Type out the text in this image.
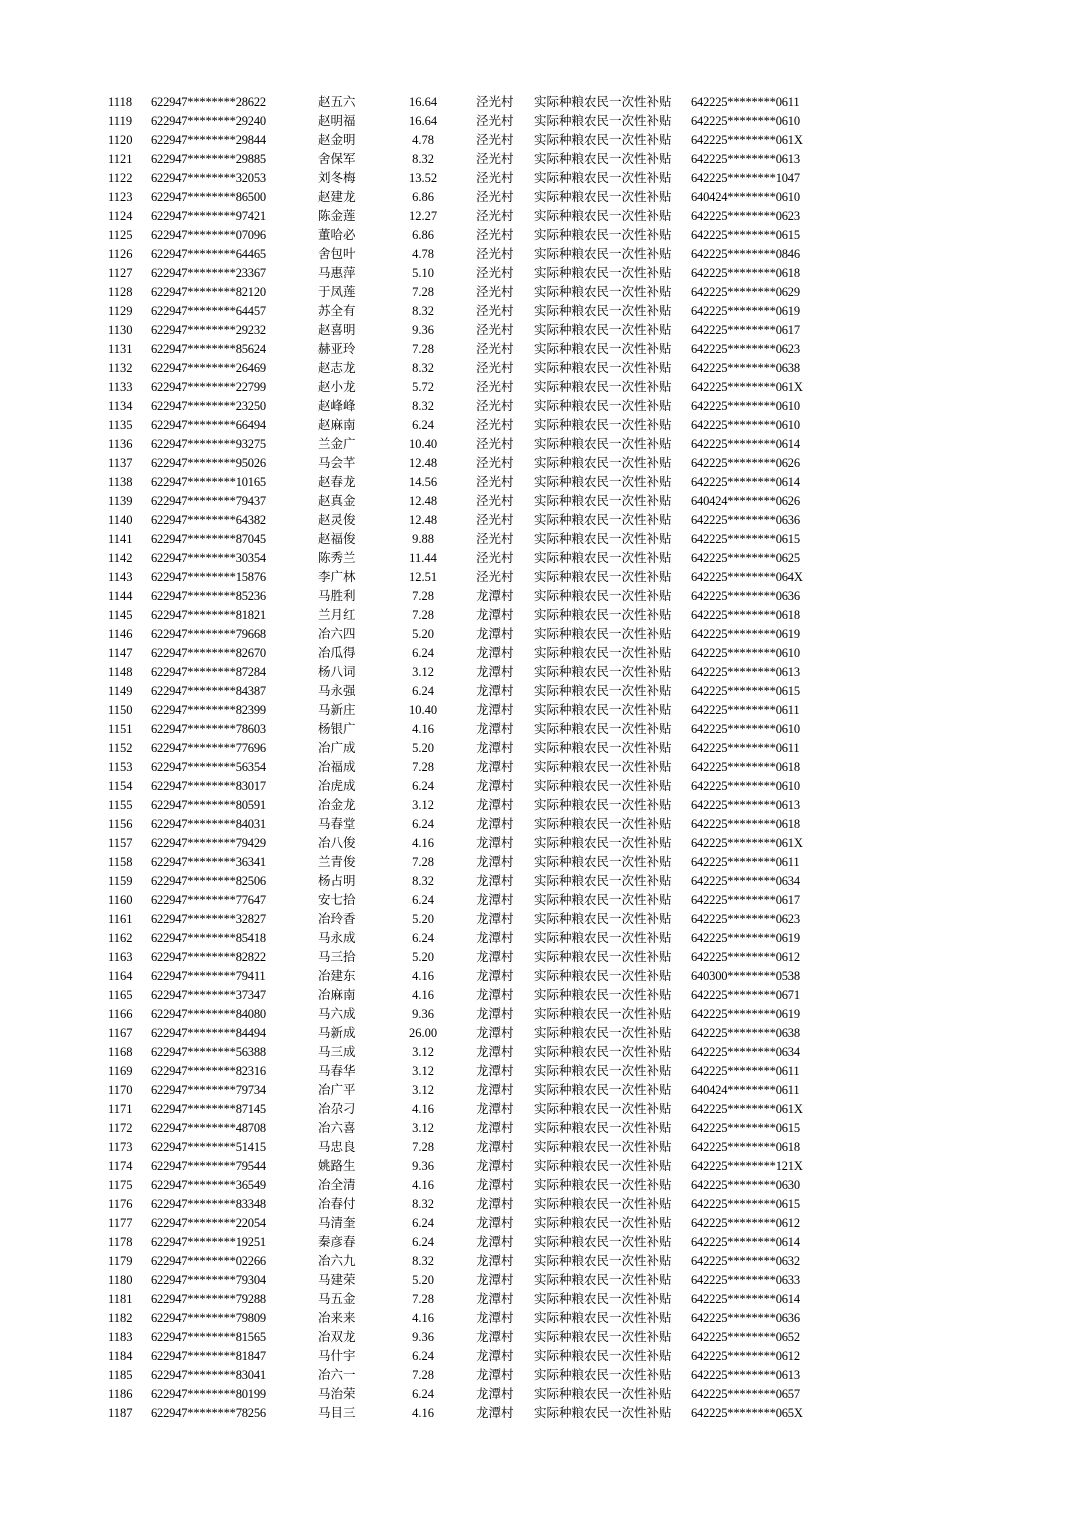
1118 622947********28622	赵五六	16.64	泾光村 实际种粮农民一次性补贴 642225********0611
1119 622947********29240	赵明福	16.64	泾光村 实际种粮农民一次性补贴 642225********0610
1120 622947********29844	赵金明	4.78	泾光村 实际种粮农民一次性补贴 642225********061X
1121 622947********29885	舍保军	8.32	泾光村 实际种粮农民一次性补贴 642225********0613
1122 622947********32053	刘冬梅	13.52	泾光村 实际种粮农民一次性补贴 642225********1047
1123 622947********86500	赵建龙	6.86	泾光村 实际种粮农民一次性补贴 640424********0610
1124 622947********97421	陈金莲	12.27	泾光村 实际种粮农民一次性补贴 642225********0623
1125 622947********07096	董哈必	6.86	泾光村 实际种粮农民一次性补贴 642225********0615
1126 622947********64465	舍包叶	4.78	泾光村 实际种粮农民一次性补贴 642225********0846
1127 622947********23367	马惠萍	5.10	泾光村 实际种粮农民一次性补贴 642225********0618
1128 622947********82120	于凤莲	7.28	泾光村 实际种粮农民一次性补贴 642225********0629
1129 622947********64457	苏全有	8.32	泾光村 实际种粮农民一次性补贴 642225********0619
1130 622947********29232	赵喜明	9.36	泾光村 实际种粮农民一次性补贴 642225********0617
1131 622947********85624	赫亚玲	7.28	泾光村 实际种粮农民一次性补贴 642225********0623
1132 622947********26469	赵志龙	8.32	泾光村 实际种粮农民一次性补贴 642225********0638
1133 622947********22799	赵小龙	5.72	泾光村 实际种粮农民一次性补贴 642225********061X
1134 622947********23250	赵峰峰	8.32	泾光村 实际种粮农民一次性补贴 642225********0610
1135 622947********66494	赵麻南	6.24	泾光村 实际种粮农民一次性补贴 642225********0610
1136 622947********93275	兰金广	10.40	泾光村 实际种粮农民一次性补贴 642225********0614
1137 622947********95026	马会芊	12.48	泾光村 实际种粮农民一次性补贴 642225********0626
1138 622947********10165	赵春龙	14.56	泾光村 实际种粮农民一次性补贴 642225********0614
1139 622947********79437	赵真金	12.48	泾光村 实际种粮农民一次性补贴 640424********0626
1140 622947********64382	赵灵俊	12.48	泾光村 实际种粮农民一次性补贴 642225********0636
1141 622947********87045	赵福俊	9.88	泾光村 实际种粮农民一次性补贴 642225********0615
1142 622947********30354	陈秀兰	11.44	泾光村 实际种粮农民一次性补贴 642225********0625
1143 622947********15876	李广林	12.51	泾光村 实际种粮农民一次性补贴 642225********064X
1144 622947********85236	马胜利	7.28	龙潭村 实际种粮农民一次性补贴 642225********0636
1145 622947********81821	兰月红	7.28	龙潭村 实际种粮农民一次性补贴 642225********0618
1146 622947********79668	冶六四	5.20	龙潭村 实际种粮农民一次性补贴 642225********0619
1147 622947********82670	冶瓜得	6.24	龙潭村 实际种粮农民一次性补贴 642225********0610
1148 622947********87284	杨八词	3.12	龙潭村 实际种粮农民一次性补贴 642225********0613
1149 622947********84387	马永强	6.24	龙潭村 实际种粮农民一次性补贴 642225********0615
1150 622947********82399	马新庄	10.40	龙潭村 实际种粮农民一次性补贴 642225********0611
1151 622947********78603	杨银广	4.16	龙潭村 实际种粮农民一次性补贴 642225********0610
1152 622947********77696	冶广成	5.20	龙潭村 实际种粮农民一次性补贴 642225********0611
1153 622947********56354	冶福成	7.28	龙潭村 实际种粮农民一次性补贴 642225********0618
1154 622947********83017	冶虎成	6.24	龙潭村 实际种粮农民一次性补贴 642225********0610
1155 622947********80591	冶金龙	3.12	龙潭村 实际种粮农民一次性补贴 642225********0613
1156 622947********84031	马春堂	6.24	龙潭村 实际种粮农民一次性补贴 642225********0618
1157 622947********79429	冶八俊	4.16	龙潭村 实际种粮农民一次性补贴 642225********061X
1158 622947********36341	兰青俊	7.28	龙潭村 实际种粮农民一次性补贴 642225********0611
1159 622947********82506	杨占明	8.32	龙潭村 实际种粮农民一次性补贴 642225********0634
1160 622947********77647	安七拾	6.24	龙潭村 实际种粮农民一次性补贴 642225********0617
1161 622947********32827	冶玲香	5.20	龙潭村 实际种粮农民一次性补贴 642225********0623
1162 622947********85418	马永成	6.24	龙潭村 实际种粮农民一次性补贴 642225********0619
1163 622947********82822	马三拾	5.20	龙潭村 实际种粮农民一次性补贴 642225********0612
1164 622947********79411	冶建东	4.16	龙潭村 实际种粮农民一次性补贴 640300********0538
1165 622947********37347	冶麻南	4.16	龙潭村 实际种粮农民一次性补贴 642225********0671
1166 622947********84080	马六成	9.36	龙潭村 实际种粮农民一次性补贴 642225********0619
1167 622947********84494	马新成	26.00	龙潭村 实际种粮农民一次性补贴 642225********0638
1168 622947********56388	马三成	3.12	龙潭村 实际种粮农民一次性补贴 642225********0634
1169 622947********82316	马春华	3.12	龙潭村 实际种粮农民一次性补贴 642225********0611
1170 622947********79734	冶广平	3.12	龙潭村 实际种粮农民一次性补贴 640424********0611
1171 622947********87145	冶尕刁	4.16	龙潭村 实际种粮农民一次性补贴 642225********061X
1172 622947********48708	冶六喜	3.12	龙潭村 实际种粮农民一次性补贴 642225********0615
1173 622947********51415	马忠良	7.28	龙潭村 实际种粮农民一次性补贴 642225********0618
1174 622947********79544	姚路生	9.36	龙潭村 实际种粮农民一次性补贴 642225********121X
1175 622947********36549	冶全清	4.16	龙潭村 实际种粮农民一次性补贴 642225********0630
1176 622947********83348	冶春付	8.32	龙潭村 实际种粮农民一次性补贴 642225********0615
1177 622947********22054	马清奎	6.24	龙潭村 实际种粮农民一次性补贴 642225********0612
1178 622947********19251	秦彦春	6.24	龙潭村 实际种粮农民一次性补贴 642225********0614
1179 622947********02266	冶六九	8.32	龙潭村 实际种粮农民一次性补贴 642225********0632
1180 622947********79304	马建荣	5.20	龙潭村 实际种粮农民一次性补贴 642225********0633
1181 622947********79288	马五金	7.28	龙潭村 实际种粮农民一次性补贴 642225********0614
1182 622947********79809	冶来来	4.16	龙潭村 实际种粮农民一次性补贴 642225********0636
1183 622947********81565	冶双龙	9.36	龙潭村 实际种粮农民一次性补贴 642225********0652
1184 622947********81847	马什宇	6.24	龙潭村 实际种粮农民一次性补贴 642225********0612
1185 622947********83041	冶六一	7.28	龙潭村 实际种粮农民一次性补贴 642225********0613
1186 622947********80199	马治荣	6.24	龙潭村 实际种粮农民一次性补贴 642225********0657
1187 622947********78256	马目三	4.16	龙潭村 实际种粮农民一次性补贴 642225********065X
